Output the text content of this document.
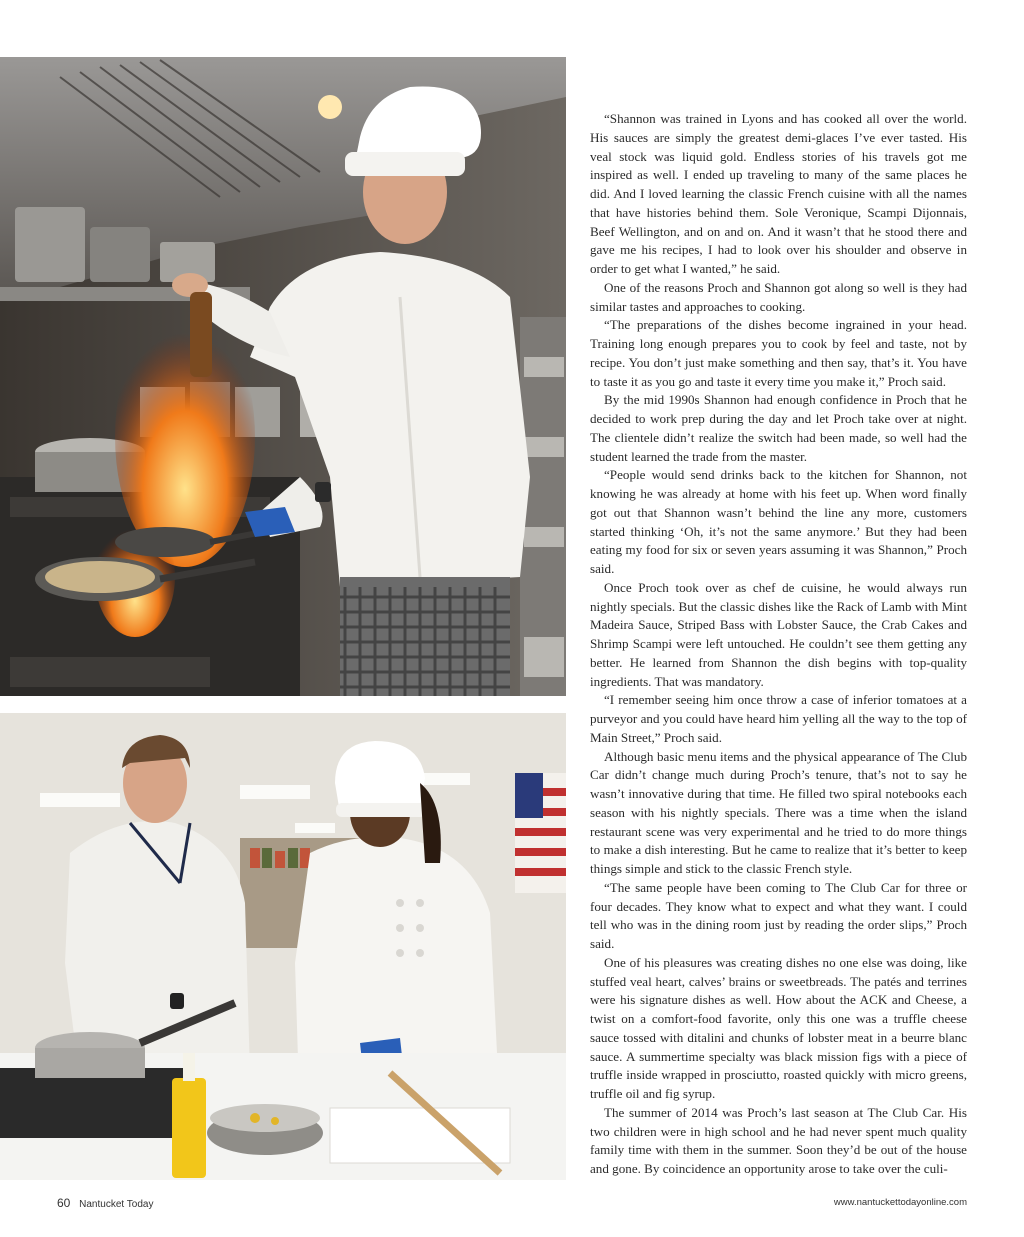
“Shannon was trained in Lyons and has cooked all over the world. His sauces are simply the greatest demi-glaces I’ve ever tasted. His veal stock was liquid gold. Endless stories of his travels got me inspired as well. I ended up traveling to many of the same places he did. And I loved learning the classic French cuisine with all the names that have histories behind them. Sole Veronique, Scampi Dijonnais, Beef Wellington, and on and on. And it wasn’t that he stood there and gave me his recipes, I had to look over his shoulder and observe in order to get what I wanted,” he said.

One of the reasons Proch and Shannon got along so well is they had similar tastes and approaches to cooking.

“The preparations of the dishes become ingrained in your head. Training long enough prepares you to cook by feel and taste, not by recipe. You don’t just make something and then say, that’s it. You have to taste it as you go and taste it every time you make it,” Proch said.

By the mid 1990s Shannon had enough confidence in Proch that he decided to work prep during the day and let Proch take over at night. The clientele didn’t realize the switch had been made, so well had the student learned the trade from the master.

“People would send drinks back to the kitchen for Shannon, not knowing he was already at home with his feet up. When word finally got out that Shannon wasn’t behind the line any more, customers started thinking ‘Oh, it’s not the same anymore.’ But they had been eating my food for six or seven years assuming it was Shannon,” Proch said.

Once Proch took over as chef de cuisine, he would always run nightly specials. But the classic dishes like the Rack of Lamb with Mint Madeira Sauce, Striped Bass with Lobster Sauce, the Crab Cakes and Shrimp Scampi were left untouched. He couldn’t see them getting any better. He learned from Shannon the dish begins with top-quality ingredients. That was mandatory.

“I remember seeing him once throw a case of inferior tomatoes at a purveyor and you could have heard him yelling all the way to the top of Main Street,” Proch said.

Although basic menu items and the physical appearance of The Club Car didn’t change much during Proch’s tenure, that’s not to say he wasn’t innovative during that time. He filled two spiral notebooks each season with his nightly specials. There was a time when the island restaurant scene was very experimental and he tried to do more things to make a dish interesting. But he came to realize that it’s better to keep things simple and stick to the classic French style.

“The same people have been coming to The Club Car for three or four decades. They know what to expect and what they want. I could tell who was in the dining room just by reading the order slips,” Proch said.

One of his pleasures was creating dishes no one else was doing, like stuffed veal heart, calves’ brains or sweetbreads. The patés and terrines were his signature dishes as well. How about the ACK and Cheese, a twist on a comfort-food favorite, only this one was a truffle cheese sauce tossed with ditalini and chunks of lobster meat in a beurre blanc sauce. A summertime specialty was black mission figs with a piece of truffle inside wrapped in prosciutto, roasted quickly with micro greens, truffle oil and fig syrup.

The summer of 2014 was Proch’s last season at The Club Car. His two children were in high school and he had never spent much quality family time with them in the summer. Soon they’d be out of the house and gone. By coincidence an opportunity arose to take over the culi-

60 Nantucket Today	www.nantuckettodayonline.com
